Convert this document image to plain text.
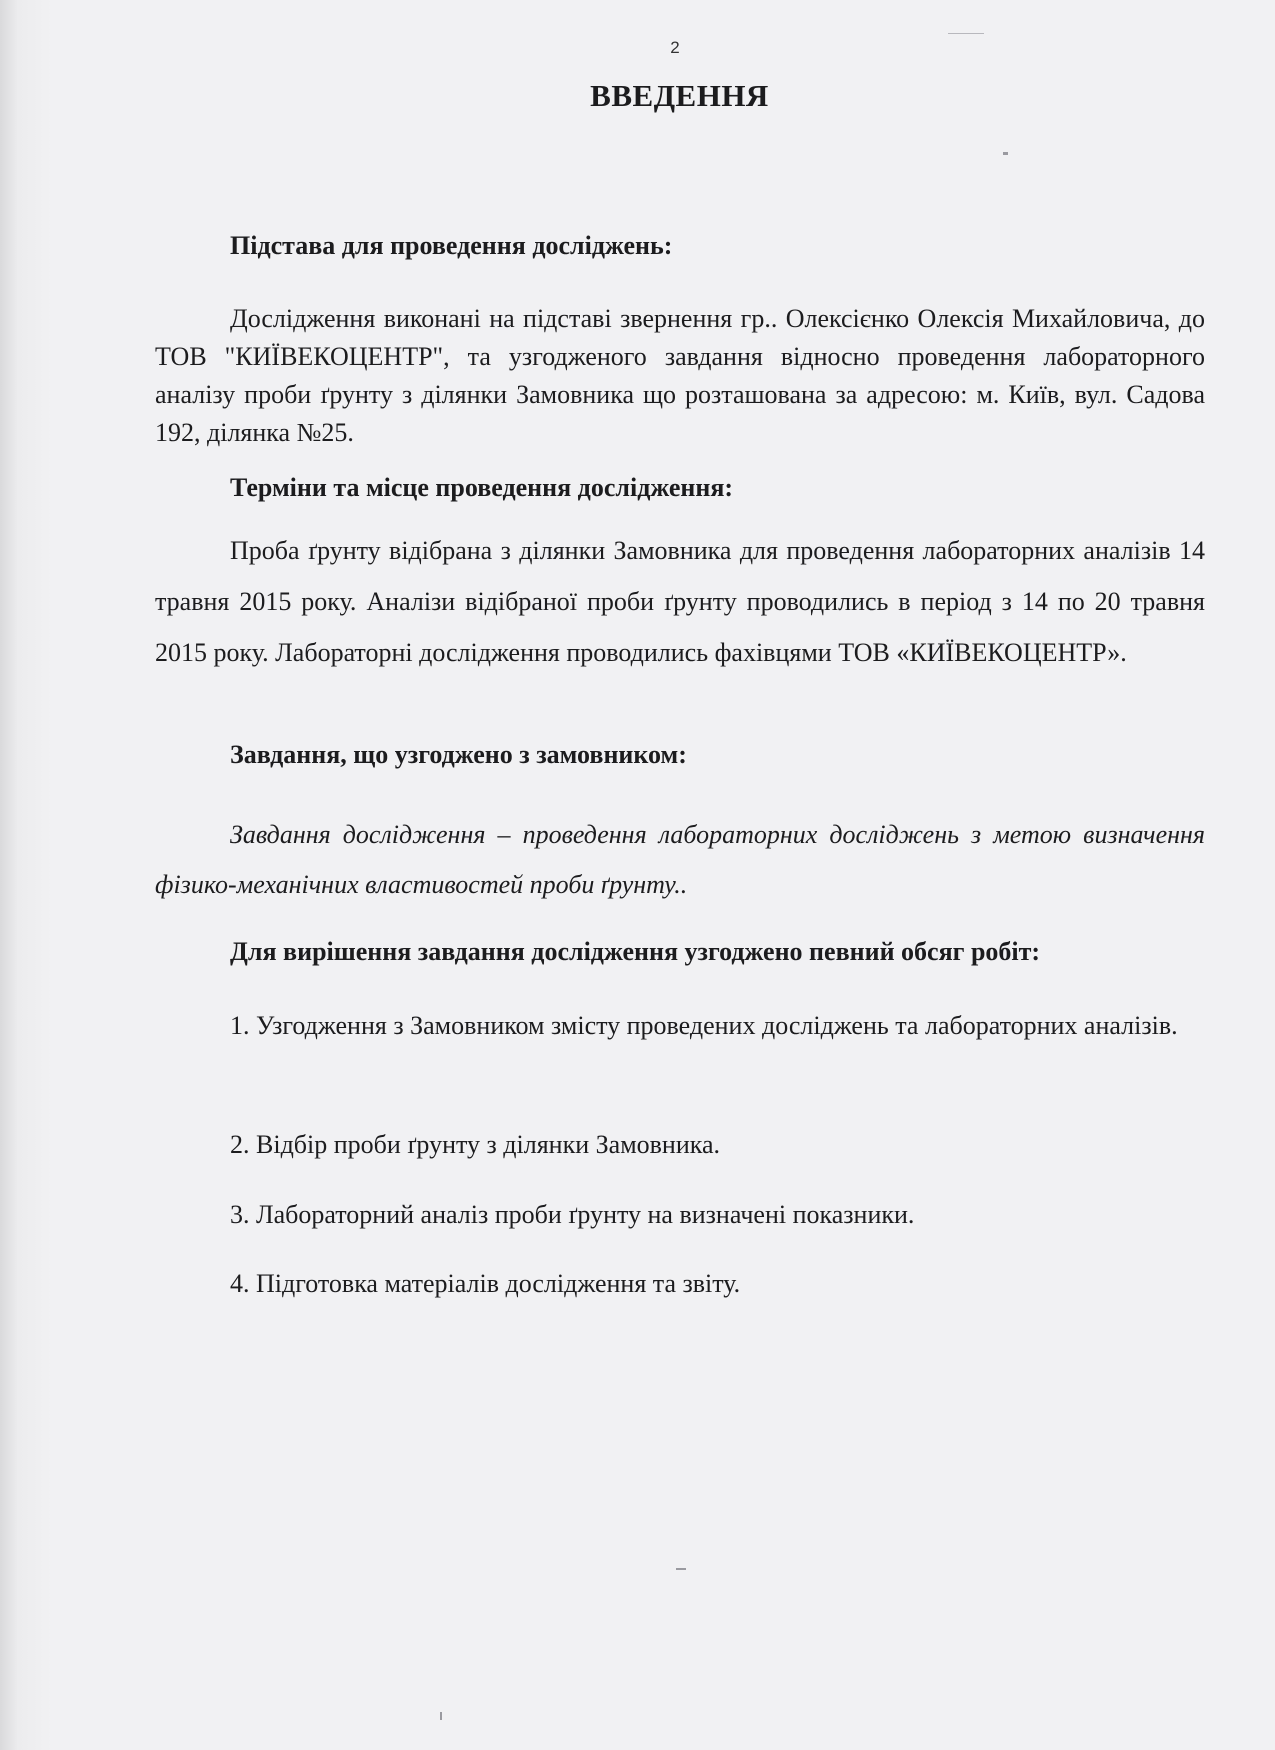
2
ВВЕДЕННЯ

Підстава для проведення досліджень:

Дослідження виконані на підставі звернення гр.. Олексієнко Олексія Михайловича, до ТОВ "КИЇВЕКОЦЕНТР", та узгодженого завдання відносно проведення лабораторного аналізу проби ґрунту з ділянки Замовника що розташована за адресою: м. Київ, вул. Садова 192, ділянка №25.

Терміни та місце проведення дослідження:

Проба ґрунту відібрана з ділянки Замовника для проведення лабораторних аналізів 14 травня 2015 року. Аналізи відібраної проби ґрунту проводились в період з 14 по 20 травня 2015 року. Лабораторні дослідження проводились фахівцями ТОВ «КИЇВЕКОЦЕНТР».

Завдання, що узгоджено з замовником:

Завдання дослідження – проведення лабораторних досліджень з метою визначення фізико-механічних властивостей проби ґрунту..

Для вирішення завдання дослідження узгоджено певний обсяг робіт:

1. Узгодження з Замовником змісту проведених досліджень та лабораторних аналізів.

2. Відбір проби ґрунту з ділянки Замовника.

3. Лабораторний аналіз проби ґрунту на визначені показники.

4. Підготовка матеріалів дослідження та звіту.
